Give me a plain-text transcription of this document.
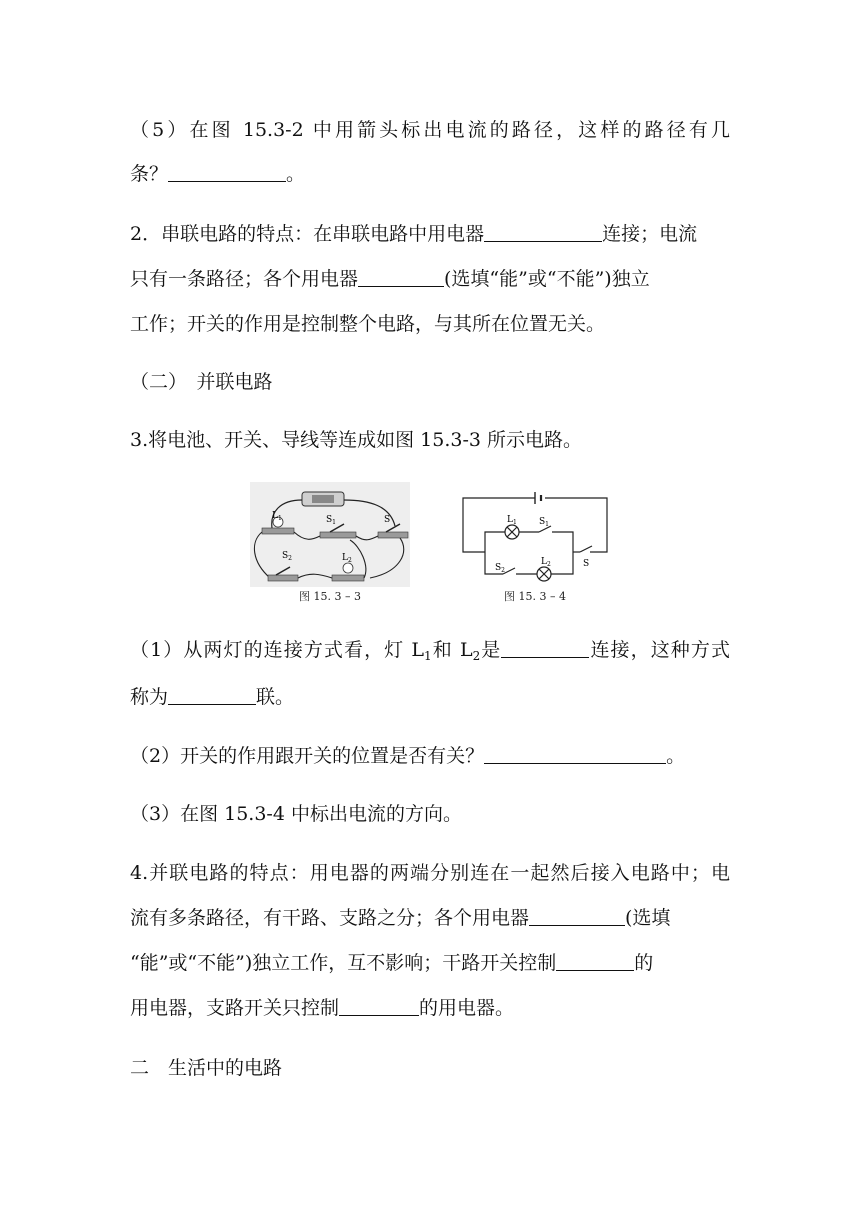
（5）在图 15.3-2 中用箭头标出电流的路径，这样的路径有几
条？	。
2．串联电路的特点：在串联电路中用电器	连接；电流
只有一条路径；各个用电器	(选填“能”或“不能”)独立
工作；开关的作用是控制整个电路，与其所在位置无关。
（二）　并联电路
3.将电池、开关、导线等连成如图 15.3-3 所示电路。
$L_1$	$S_1$	S
$S_2$	$L_2$
图 15. 3 – 3
$L_1$ $S_1$
$S_2$
$L_2$	S
图 15. 3 – 4
（1）从两灯的连接方式看，灯 $L_1$和 $L_2$是	连接，这种方式
称为	联。
（2）开关的作用跟开关的位置是否有关？	。
（3）在图 15.3-4 中标出电流的方向。
4.并联电路的特点：用电器的两端分别连在一起然后接入电路中；电
流有多条路径，有干路、支路之分；各个用电器	(选填
“能”或“不能”)独立工作，互不影响；干路开关控制	的
用电器，支路开关只控制	的用电器。
二　生活中的电路
